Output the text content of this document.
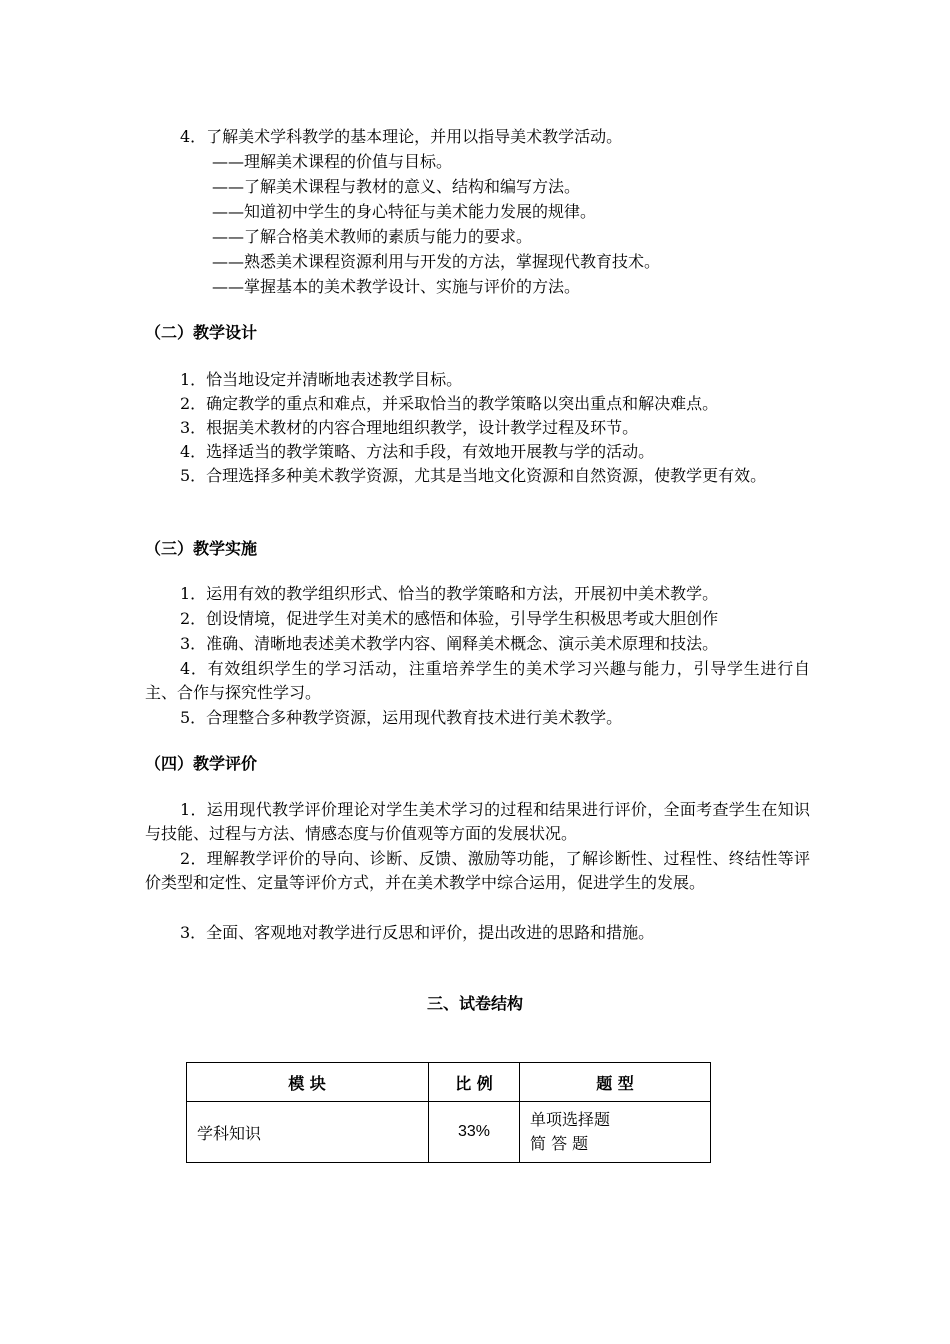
4．了解美术学科教学的基本理论，并用以指导美术教学活动。
——理解美术课程的价值与目标。
——了解美术课程与教材的意义、结构和编写方法。
——知道初中学生的身心特征与美术能力发展的规律。
——了解合格美术教师的素质与能力的要求。
——熟悉美术课程资源利用与开发的方法，掌握现代教育技术。
——掌握基本的美术教学设计、实施与评价的方法。
（二）教学设计
1．恰当地设定并清晰地表述教学目标。
2．确定教学的重点和难点，并采取恰当的教学策略以突出重点和解决难点。
3．根据美术教材的内容合理地组织教学，设计教学过程及环节。
4．选择适当的教学策略、方法和手段，有效地开展教与学的活动。
5．合理选择多种美术教学资源，尤其是当地文化资源和自然资源，使教学更有效。
（三）教学实施
1．运用有效的教学组织形式、恰当的教学策略和方法，开展初中美术教学。
2．创设情境，促进学生对美术的感悟和体验，引导学生积极思考或大胆创作
3．准确、清晰地表述美术教学内容、阐释美术概念、演示美术原理和技法。
4．有效组织学生的学习活动，注重培养学生的美术学习兴趣与能力，引导学生进行自主、合作与探究性学习。
5．合理整合多种教学资源，运用现代教育技术进行美术教学。
（四）教学评价
1．运用现代教学评价理论对学生美术学习的过程和结果进行评价，全面考查学生在知识与技能、过程与方法、情感态度与价值观等方面的发展状况。
2．理解教学评价的导向、诊断、反馈、激励等功能，了解诊断性、过程性、终结性等评价类型和定性、定量等评价方式，并在美术教学中综合运用，促进学生的发展。
3．全面、客观地对教学进行反思和评价，提出改进的思路和措施。
三、试卷结构
模 块	比 例	题 型
学科知识	33%	单项选择题
简 答 题
